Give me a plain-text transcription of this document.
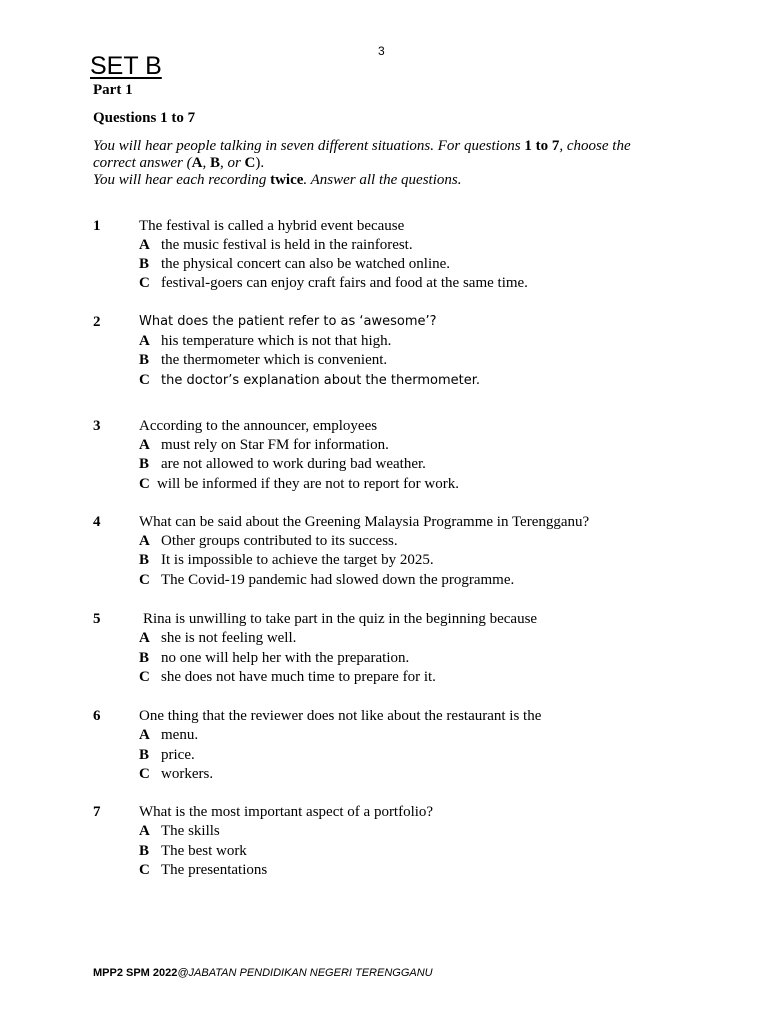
3
SET B
Part 1
Questions 1 to 7
You will hear people talking in seven different situations. For questions 1 to 7, choose the
correct answer (A, B, or C).
You will hear each recording twice. Answer all the questions.
1	The festival is called a hybrid event because
A the music festival is held in the rainforest.
B the physical concert can also be watched online.
C festival-goers can enjoy craft fairs and food at the same time.
2	What does the patient refer to as ‘awesome’?
A his temperature which is not that high.
B the thermometer which is convenient.
C the doctor’s explanation about the thermometer.
3	According to the announcer, employees
A must rely on Star FM for information.
B are not allowed to work during bad weather.
C will be informed if they are not to report for work.
4	What can be said about the Greening Malaysia Programme in Terengganu?
A Other groups contributed to its success.
B It is impossible to achieve the target by 2025.
C The Covid-19 pandemic had slowed down the programme.
5	Rina is unwilling to take part in the quiz in the beginning because
A she is not feeling well.
B no one will help her with the preparation.
C she does not have much time to prepare for it.
6	One thing that the reviewer does not like about the restaurant is the
A menu.
B price.
C workers.
7	What is the most important aspect of a portfolio?
A The skills
B The best work
C The presentations
MPP2 SPM 2022@JABATAN PENDIDIKAN NEGERI TERENGGANU
